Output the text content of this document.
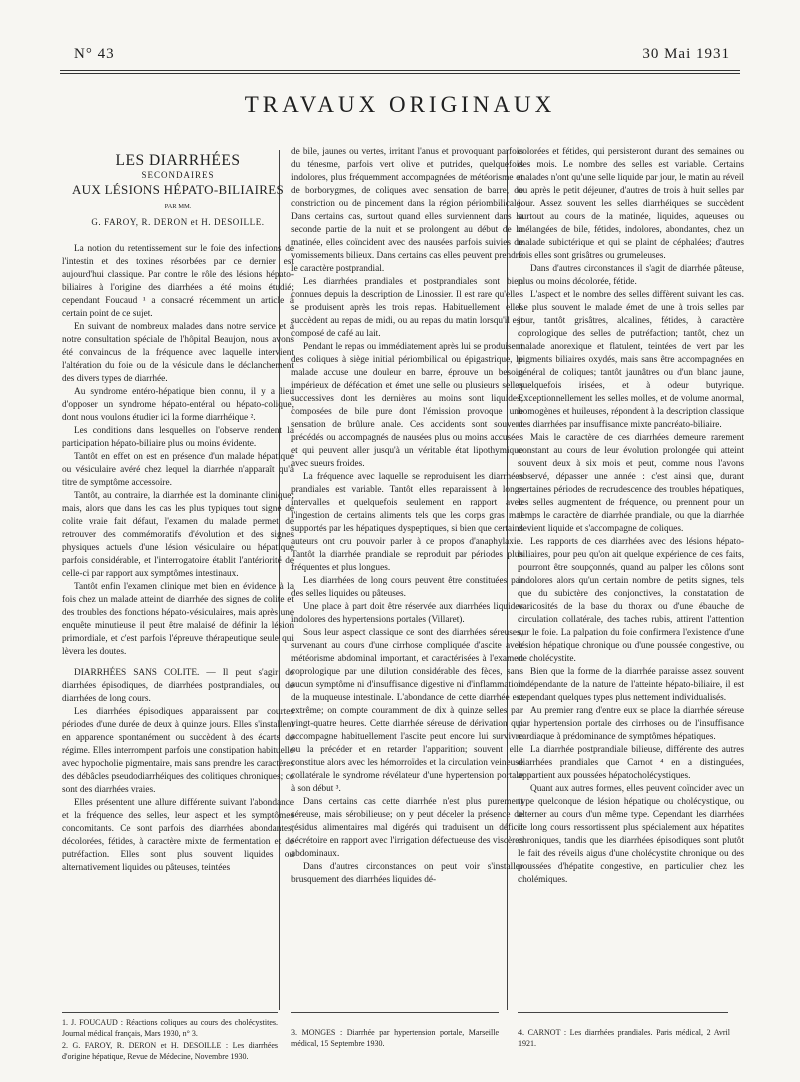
N° 43	30 Mai 1931
TRAVAUX ORIGINAUX
LES DIARRHÉES
SECONDAIRES
AUX LÉSIONS HÉPATO-BILIAIRES
PAR MM.
G. FAROY, R. DERON et H. DESOILLE.

La notion du retentissement sur le foie des infections de l'intestin et des toxines résorbées par ce dernier est aujourd'hui classique. Par contre le rôle des lésions hépato-biliaires à l'origine des diarrhées a été moins étudié; cependant Foucaud ¹ a consacré récemment un article à certain point de ce sujet.

En suivant de nombreux malades dans notre service et à notre consultation spéciale de l'hôpital Beaujon, nous avons été convaincus de la fréquence avec laquelle intervient l'altération du foie ou de la vésicule dans le déclanchement des divers types de diarrhée.

Au syndrome entéro-hépatique bien connu, il y a lieu d'opposer un syndrome hépato-entéral ou hépato-colique, dont nous voulons étudier ici la forme diarrhéique ².

Les conditions dans lesquelles on l'observe rendent la participation hépato-biliaire plus ou moins évidente.

Tantôt en effet on est en présence d'un malade hépatique ou vésiculaire avéré chez lequel la diarrhée n'apparaît qu'à titre de symptôme accessoire.

Tantôt, au contraire, la diarrhée est la dominante clinique; mais, alors que dans les cas les plus typiques tout signe de colite vraie fait défaut, l'examen du malade permet de retrouver des commémoratifs d'évolution et des signes physiques actuels d'une lésion vésiculaire ou hépatique parfois considérable, et l'interrogatoire établit l'antériorité de celle-ci par rapport aux symptômes intestinaux.

Tantôt enfin l'examen clinique met bien en évidence à la fois chez un malade atteint de diarrhée des signes de colite et des troubles des fonctions hépato-vésiculaires, mais après une enquête minutieuse il peut être malaisé de définir la lésion primordiale, et c'est parfois l'épreuve thérapeutique seule qui lèvera les doutes.

DIARRHÉES SANS COLITE. — Il peut s'agir de diarrhées épisodiques, de diarrhées postprandiales, ou de diarrhées de long cours.

Les diarrhées épisodiques apparaissent par courtes périodes d'une durée de deux à quinze jours. Elles s'installent en apparence spontanément ou succèdent à des écarts de régime. Elles interrompent parfois une constipation habituelle avec hypocholie pigmentaire, mais sans prendre les caractères des débâcles pseudodiarrhéiques des colitiques chroniques; ce sont des diarrhées vraies.

Elles présentent une allure différente suivant l'abondance et la fréquence des selles, leur aspect et les symptômes concomitants. Ce sont parfois des diarrhées abondantes, décolorées, fétides, à caractère mixte de fermentation et de putréfaction. Elles sont plus souvent liquides ou alternativement liquides ou pâteuses, teintées

de bile, jaunes ou vertes, irritant l'anus et provoquant parfois du ténesme, parfois vert olive et putrides, quelquefois indolores, plus fréquemment accompagnées de météorisme et de borborygmes, de coliques avec sensation de barre, de constriction ou de pincement dans la région périombilicale. Dans certains cas, surtout quand elles surviennent dans la seconde partie de la nuit et se prolongent au début de la matinée, elles coïncident avec des nausées parfois suivies de vomissements bilieux. Dans certains cas elles peuvent prendre le caractère postprandial.

Les diarrhées prandiales et postprandiales sont bien connues depuis la description de Linossier. Il est rare qu'elles se produisent après les trois repas. Habituellement elles succèdent au repas de midi, ou au repas du matin lorsqu'il est composé de café au lait.

Pendant le repas ou immédiatement après lui se produisent des coliques à siège initial périombilical ou épigastrique, le malade accuse une douleur en barre, éprouve un besoin impérieux de défécation et émet une selle ou plusieurs selles successives dont les dernières au moins sont liquides, composées de bile pure dont l'émission provoque une sensation de brûlure anale. Ces accidents sont souvent précédés ou accompagnés de nausées plus ou moins accusées et qui peuvent aller jusqu'à un véritable état lipothymique avec sueurs froides.

La fréquence avec laquelle se reproduisent les diarrhées prandiales est variable. Tantôt elles reparaissent à longs intervalles et quelquefois seulement en rapport avec l'ingestion de certains aliments tels que les corps gras mal supportés par les hépatiques dyspeptiques, si bien que certains auteurs ont cru pouvoir parler à ce propos d'anaphylaxie. Tantôt la diarrhée prandiale se reproduit par périodes plus fréquentes et plus longues.

Les diarrhées de long cours peuvent être constituées par des selles liquides ou pâteuses.

Une place à part doit être réservée aux diarrhées liquides indolores des hypertensions portales (Villaret).

Sous leur aspect classique ce sont des diarrhées séreuses, survenant au cours d'une cirrhose compliquée d'ascite avec météorisme abdominal important, et caractérisées à l'examen coprologique par une dilution considérable des fèces, sans aucun symptôme ni d'insuffisance digestive ni d'inflammation de la muqueuse intestinale. L'abondance de cette diarrhée est extrême; on compte couramment de dix à quinze selles par vingt-quatre heures. Cette diarrhée séreuse de dérivation qui accompagne habituellement l'ascite peut encore lui survivre ou la précéder et en retarder l'apparition; souvent elle constitue alors avec les hémorroïdes et la circulation veineuse collatérale le syndrome révélateur d'une hypertension portale à son début ³.

Dans certains cas cette diarrhée n'est plus purement séreuse, mais sérobilieuse; on y peut déceler la présence de résidus alimentaires mal digérés qui traduisent un déficit sécrétoire en rapport avec l'irrigation défectueuse des viscères abdominaux.

Dans d'autres circonstances on peut voir s'installer brusquement des diarrhées liquides dé-

colorées et fétides, qui persisteront durant des semaines ou des mois. Le nombre des selles est variable. Certains malades n'ont qu'une selle liquide par jour, le matin au réveil ou après le petit déjeuner, d'autres de trois à huit selles par jour. Assez souvent les selles diarrhéiques se succèdent surtout au cours de la matinée, liquides, aqueuses ou mélangées de bile, fétides, indolores, abondantes, chez un malade subictérique et qui se plaint de céphalées; d'autres fois elles sont grisâtres ou grumeleuses.

Dans d'autres circonstances il s'agit de diarrhée pâteuse, plus ou moins décolorée, fétide.

L'aspect et le nombre des selles diffèrent suivant les cas. Le plus souvent le malade émet de une à trois selles par jour, tantôt grisâtres, alcalines, fétides, à caractère coprologique des selles de putréfaction; tantôt, chez un malade anorexique et flatulent, teintées de vert par les pigments biliaires oxydés, mais sans être accompagnées en général de coliques; tantôt jaunâtres ou d'un blanc jaune, quelquefois irisées, et à odeur butyrique. Exceptionnellement les selles molles, et de volume anormal, homogènes et huileuses, répondent à la description classique des diarrhées par insuffisance mixte pancréato-biliaire.

Mais le caractère de ces diarrhées demeure rarement constant au cours de leur évolution prolongée qui atteint souvent deux à six mois et peut, comme nous l'avons observé, dépasser une année : c'est ainsi que, durant certaines périodes de recrudescence des troubles hépatiques, les selles augmentent de fréquence, ou prennent pour un temps le caractère de diarrhée prandiale, ou que la diarrhée devient liquide et s'accompagne de coliques.

Les rapports de ces diarrhées avec des lésions hépato-biliaires, pour peu qu'on ait quelque expérience de ces faits, pourront être soupçonnés, quand au palper les côlons sont indolores alors qu'un certain nombre de petits signes, tels que du subictère des conjonctives, la constatation de varicosités de la base du thorax ou d'une ébauche de circulation collatérale, des taches rubis, attirent l'attention sur le foie. La palpation du foie confirmera l'existence d'une lésion hépatique chronique ou d'une poussée congestive, ou de cholécystite.

Bien que la forme de la diarrhée paraisse assez souvent indépendante de la nature de l'atteinte hépato-biliaire, il est cependant quelques types plus nettement individualisés.

Au premier rang d'entre eux se place la diarrhée séreuse par hypertension portale des cirrhoses ou de l'insuffisance cardiaque à prédominance de symptômes hépatiques.

La diarrhée postprandiale bilieuse, différente des autres diarrhées prandiales que Carnot ⁴ en a distinguées, appartient aux poussées hépatocholécystiques.

Quant aux autres formes, elles peuvent coïncider avec un type quelconque de lésion hépatique ou cholécystique, ou alterner au cours d'un même type. Cependant les diarrhées de long cours ressortissent plus spécialement aux hépatites chroniques, tandis que les diarrhées épisodiques sont plutôt le fait des réveils aigus d'une cholécystite chronique ou des poussées d'hépatite congestive, en particulier chez les cholémiques.

1. J. FOUCAUD : Réactions coliques au cours des cholécystites. Journal médical français, Mars 1930, n° 3.

2. G. FAROY, R. DERON et H. DESOILLE : Les diarrhées d'origine hépatique, Revue de Médecine, Novembre 1930.

3. MONGES : Diarrhée par hypertension portale, Marseille médical, 15 Septembre 1930.

4. CARNOT : Les diarrhées prandiales. Paris médical, 2 Avril 1921.
